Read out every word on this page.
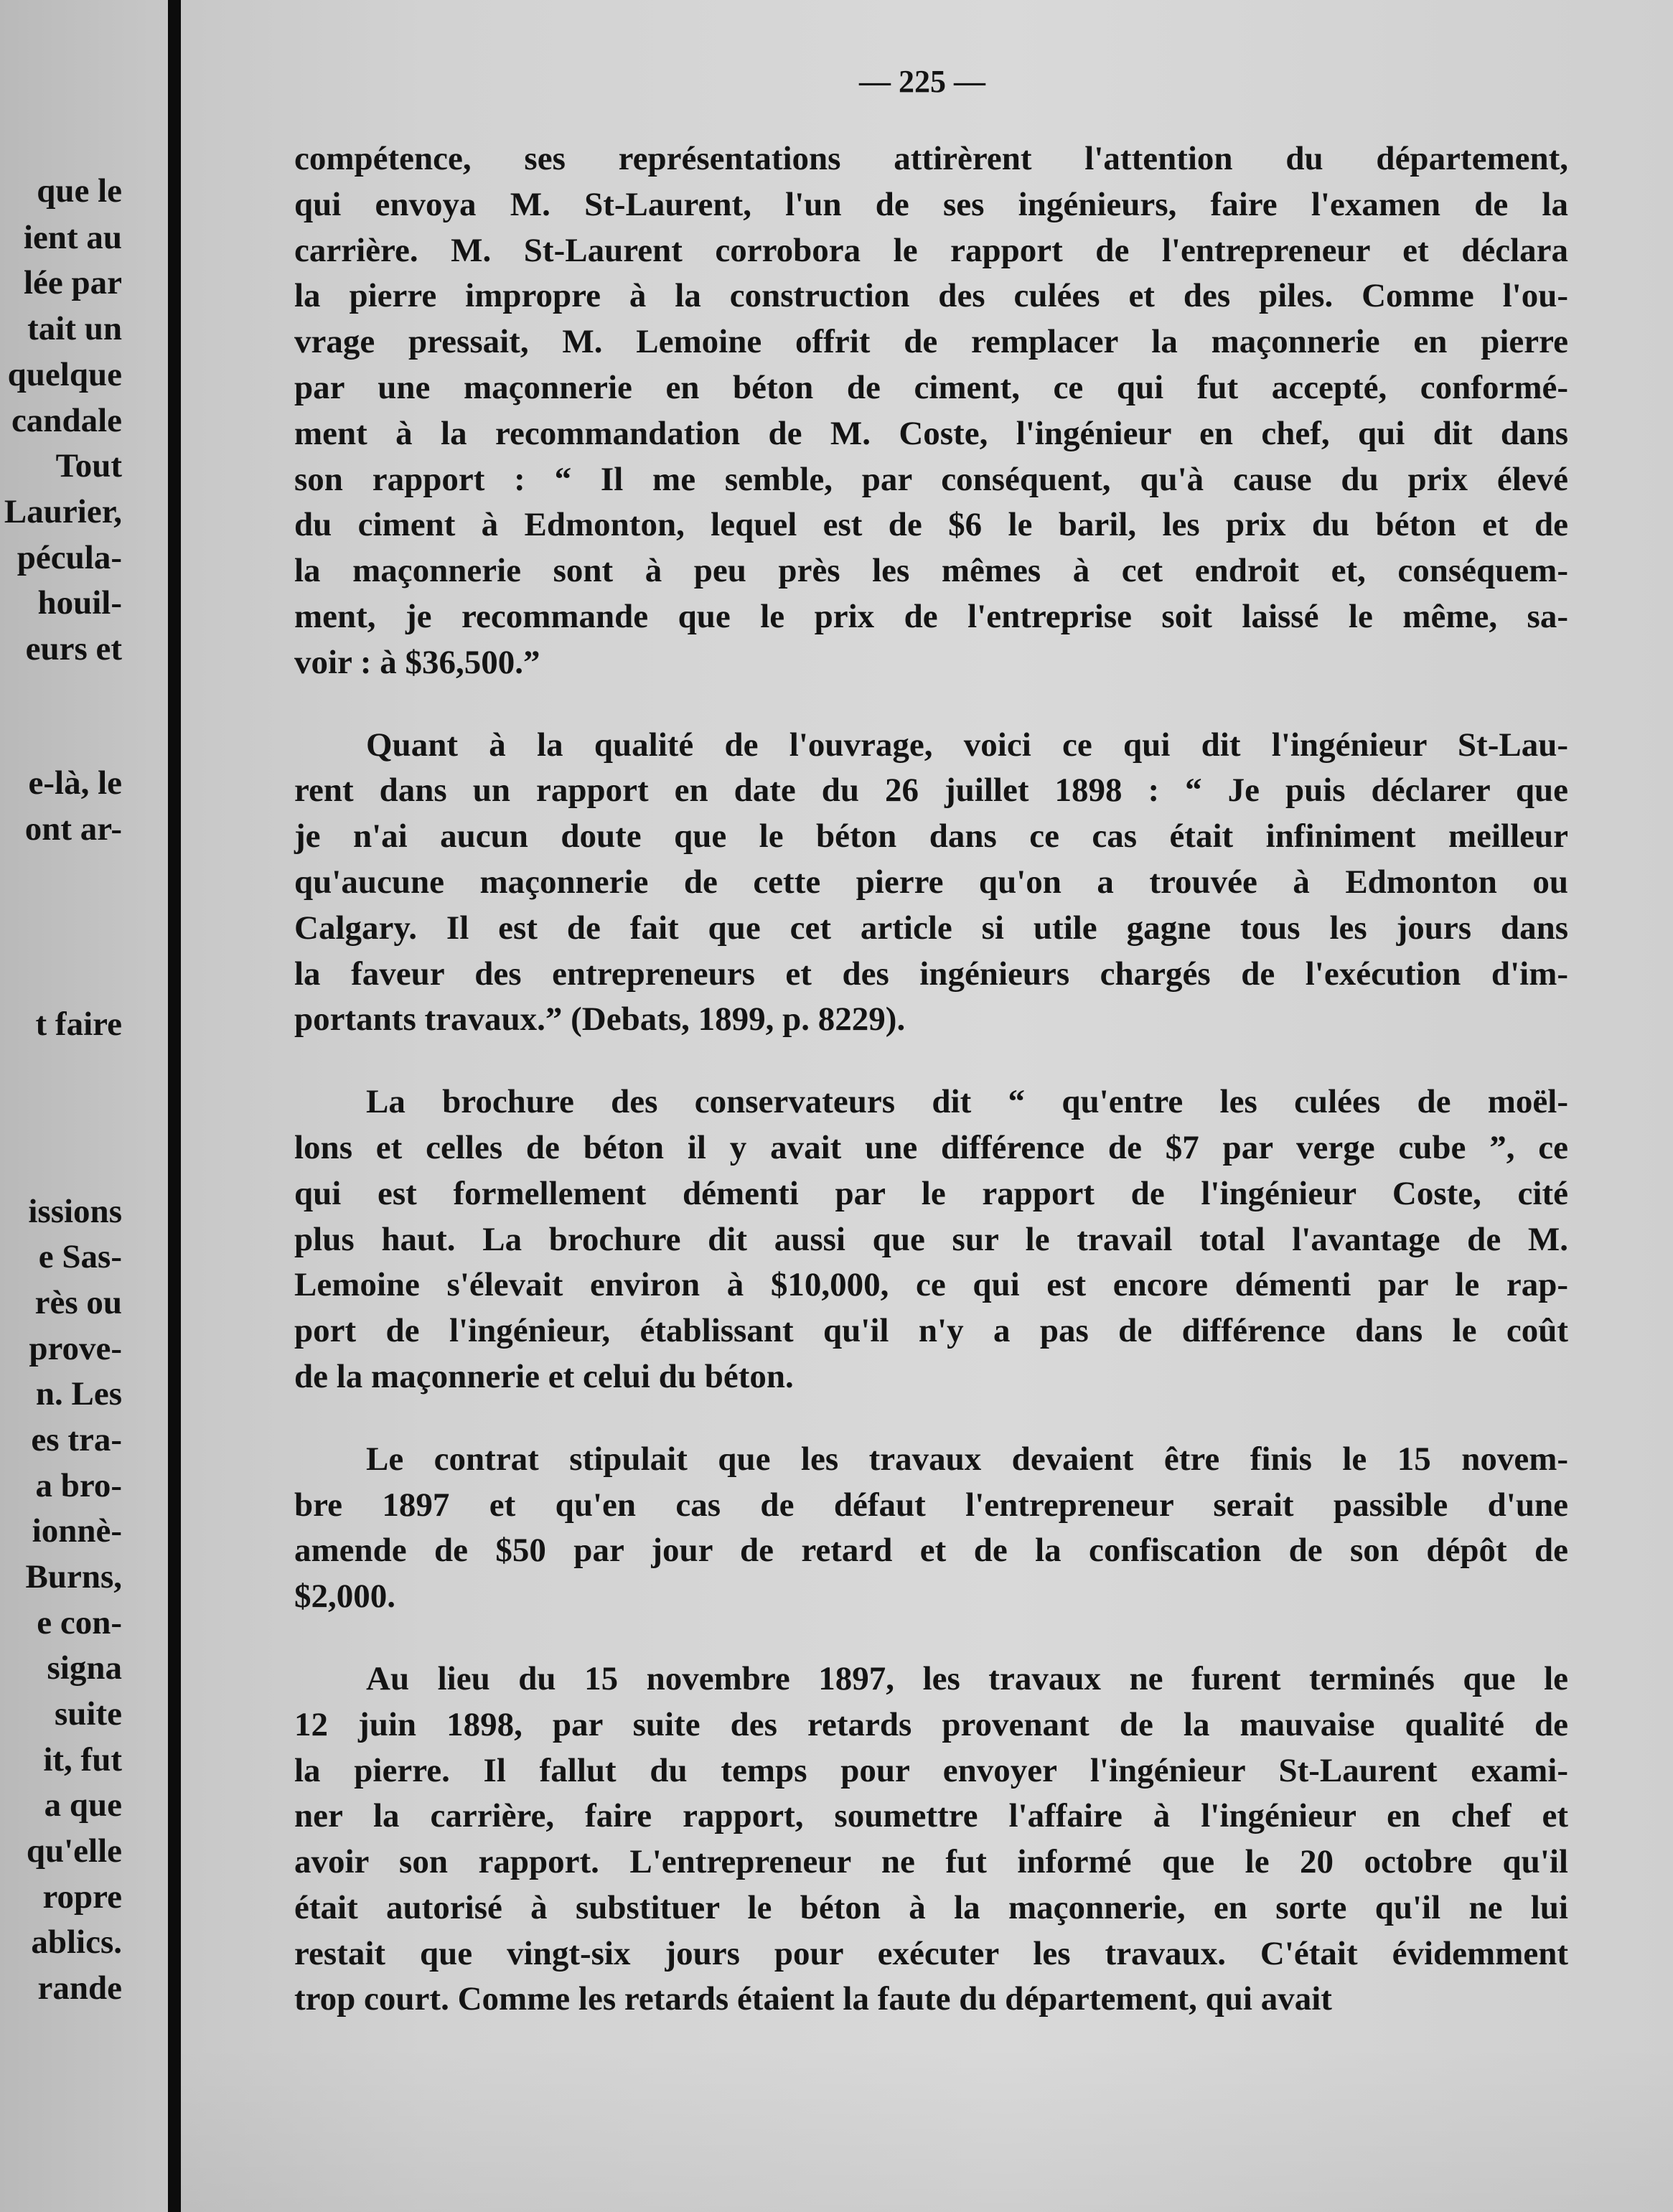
que le
ient au
lée par
tait un
quelque
candale
Tout
Laurier,
pécula-
houil-
eurs et
e-là, le
ont ar-
t faire
issions
e Sas-
rès ou
prove-
n. Les
es tra-
a bro-
ionnè-
Burns,
e con-
signa
suite
it, fut
a que
qu'elle
ropre
ablics.
rande
— 225 —

compétence, ses représentations attirèrent l'attention du département,
qui envoya M. St-Laurent, l'un de ses ingénieurs, faire l'examen de la
carrière. M. St-Laurent corrobora le rapport de l'entrepreneur et déclara
la pierre impropre à la construction des culées et des piles. Comme l'ou-
vrage pressait, M. Lemoine offrit de remplacer la maçonnerie en pierre
par une maçonnerie en béton de ciment, ce qui fut accepté, conformé-
ment à la recommandation de M. Coste, l'ingénieur en chef, qui dit dans
son rapport : “ Il me semble, par conséquent, qu'à cause du prix élevé
du ciment à Edmonton, lequel est de $6 le baril, les prix du béton et de
la maçonnerie sont à peu près les mêmes à cet endroit et, conséquem-
ment, je recommande que le prix de l'entreprise soit laissé le même, sa-
voir : à $36,500.”

Quant à la qualité de l'ouvrage, voici ce qui dit l'ingénieur St-Lau-
rent dans un rapport en date du 26 juillet 1898 : “ Je puis déclarer que
je n'ai aucun doute que le béton dans ce cas était infiniment meilleur
qu'aucune maçonnerie de cette pierre qu'on a trouvée à Edmonton ou
Calgary. Il est de fait que cet article si utile gagne tous les jours dans
la faveur des entrepreneurs et des ingénieurs chargés de l'exécution d'im-
portants travaux.” (Debats, 1899, p. 8229).

La brochure des conservateurs dit “ qu'entre les culées de moël-
lons et celles de béton il y avait une différence de $7 par verge cube ”, ce
qui est formellement démenti par le rapport de l'ingénieur Coste, cité
plus haut. La brochure dit aussi que sur le travail total l'avantage de M.
Lemoine s'élevait environ à $10,000, ce qui est encore démenti par le rap-
port de l'ingénieur, établissant qu'il n'y a pas de différence dans le coût
de la maçonnerie et celui du béton.

Le contrat stipulait que les travaux devaient être finis le 15 novem-
bre 1897 et qu'en cas de défaut l'entrepreneur serait passible d'une
amende de $50 par jour de retard et de la confiscation de son dépôt de
$2,000.

Au lieu du 15 novembre 1897, les travaux ne furent terminés que le
12 juin 1898, par suite des retards provenant de la mauvaise qualité de
la pierre. Il fallut du temps pour envoyer l'ingénieur St-Laurent exami-
ner la carrière, faire rapport, soumettre l'affaire à l'ingénieur en chef et
avoir son rapport. L'entrepreneur ne fut informé que le 20 octobre qu'il
était autorisé à substituer le béton à la maçonnerie, en sorte qu'il ne lui
restait que vingt-six jours pour exécuter les travaux. C'était évidemment
trop court. Comme les retards étaient la faute du département, qui avait
